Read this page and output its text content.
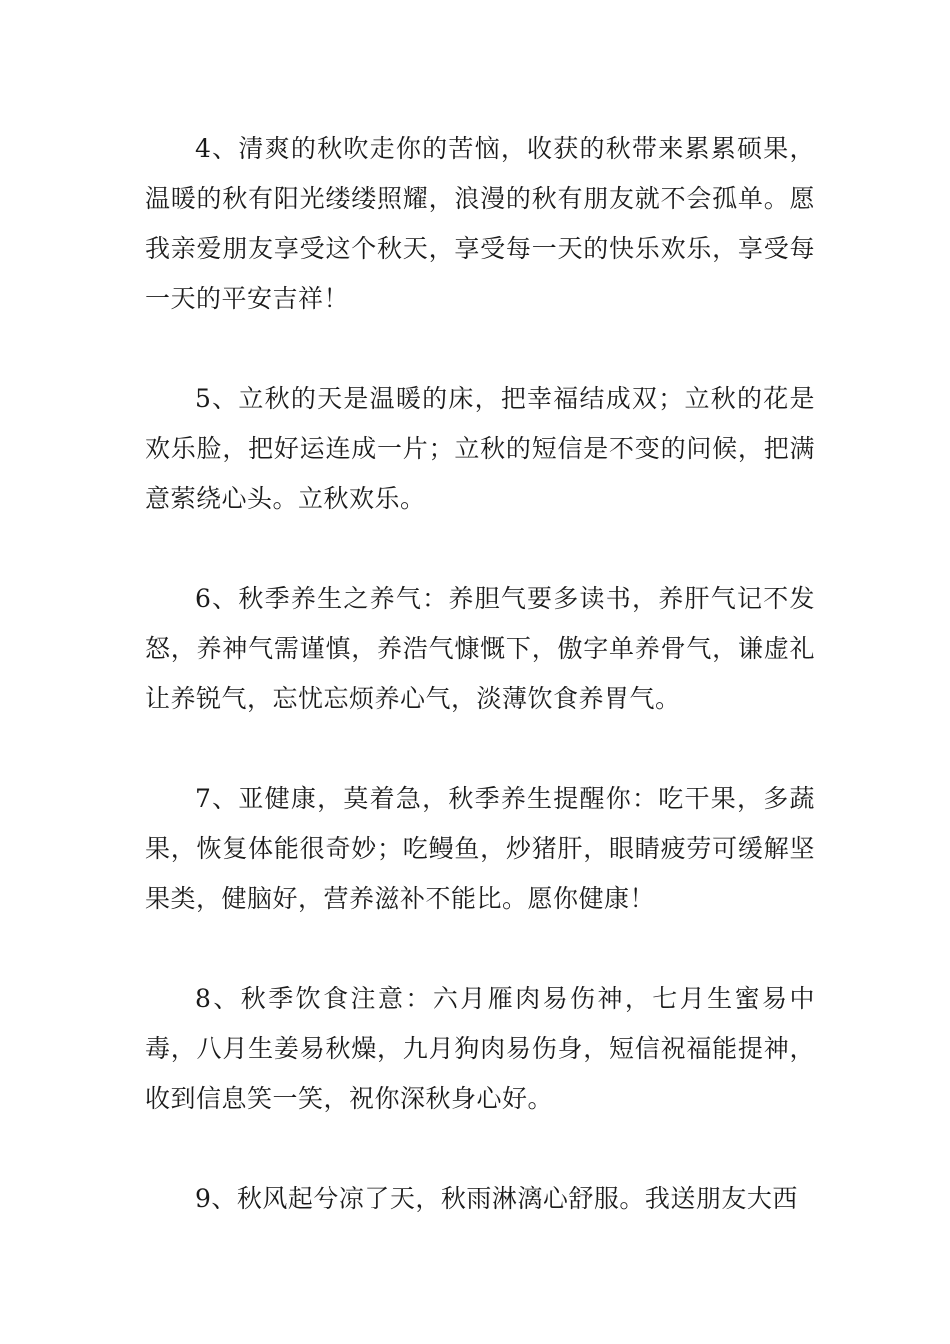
4、清爽的秋吹走你的苦恼，收获的秋带来累累硕果，温暖的秋有阳光缕缕照耀，浪漫的秋有朋友就不会孤单。愿我亲爱朋友享受这个秋天，享受每一天的快乐欢乐，享受每一天的平安吉祥！

5、立秋的天是温暖的床，把幸福结成双；立秋的花是欢乐脸，把好运连成一片；立秋的短信是不变的问候，把满意萦绕心头。立秋欢乐。

6、秋季养生之养气：养胆气要多读书，养肝气记不发怒，养神气需谨慎，养浩气慷慨下，傲字单养骨气，谦虚礼让养锐气，忘忧忘烦养心气，淡薄饮食养胃气。

7、亚健康，莫着急，秋季养生提醒你：吃干果，多蔬果，恢复体能很奇妙；吃鳗鱼，炒猪肝，眼睛疲劳可缓解坚果类，健脑好，营养滋补不能比。愿你健康！

8、秋季饮食注意：六月雁肉易伤神，七月生蜜易中毒，八月生姜易秋燥，九月狗肉易伤身，短信祝福能提神，收到信息笑一笑，祝你深秋身心好。

9、秋风起兮凉了天，秋雨淋漓心舒服。我送朋友大西
